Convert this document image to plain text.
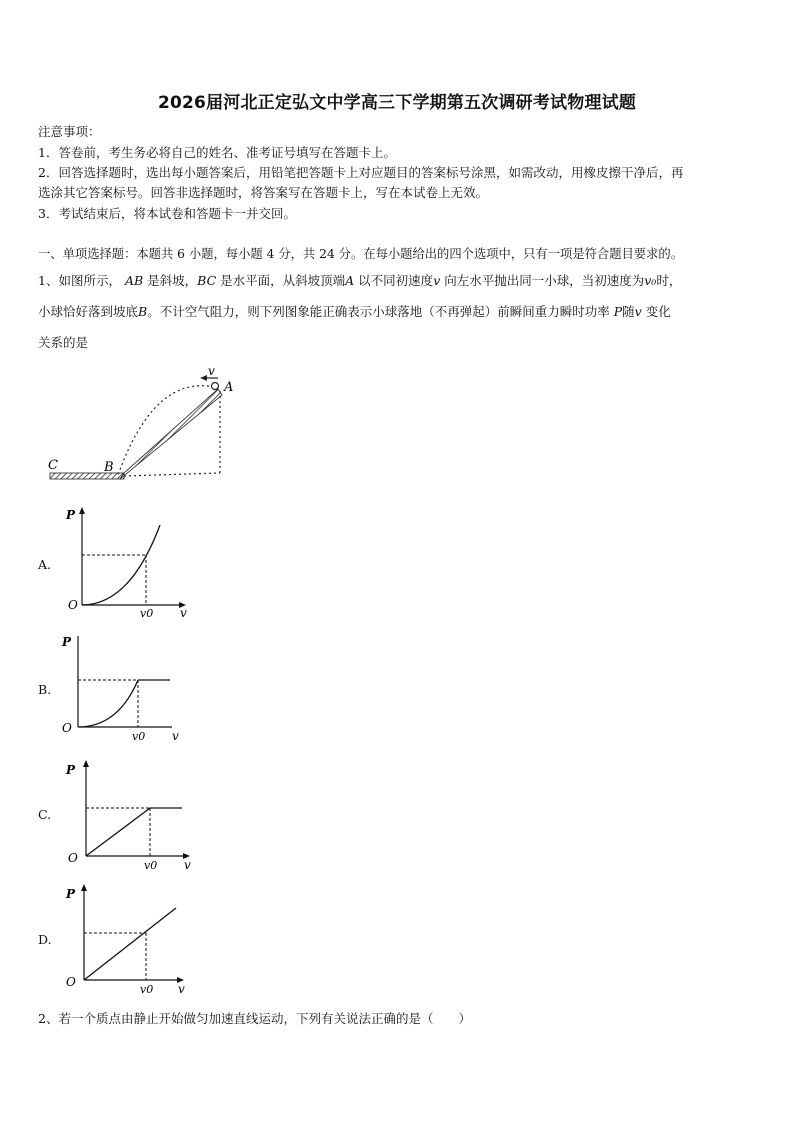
2026届河北正定弘文中学高三下学期第五次调研考试物理试题
注意事项：
1．答卷前，考生务必将自己的姓名、准考证号填写在答题卡上。
2．回答选择题时，选出每小题答案后，用铅笔把答题卡上对应题目的答案标号涂黑，如需改动，用橡皮擦干净后，再
选涂其它答案标号。回答非选择题时，将答案写在答题卡上，写在本试卷上无效。
3．考试结束后，将本试卷和答题卡一并交回。
一、单项选择题：本题共 6 小题，每小题 4 分，共 24 分。在每小题给出的四个选项中，只有一项是符合题目要求的。
1、如图所示， AB 是斜坡，BC 是水平面，从斜坡顶端A 以不同初速度v 向左水平抛出同一小球，当初速度为v₀时，
小球恰好落到坡底B。不计空气阻力，则下列图象能正确表示小球落地（不再弹起）前瞬间重力瞬时功率 P随v 变化
关系的是
v
A
C	B
A.
P
O
v0 v
B.
P
O
v0 v
C.
P
O
v0 v
D.
P
O
v0 v
2、若一个质点由静止开始做匀加速直线运动，下列有关说法正确的是（　　）
